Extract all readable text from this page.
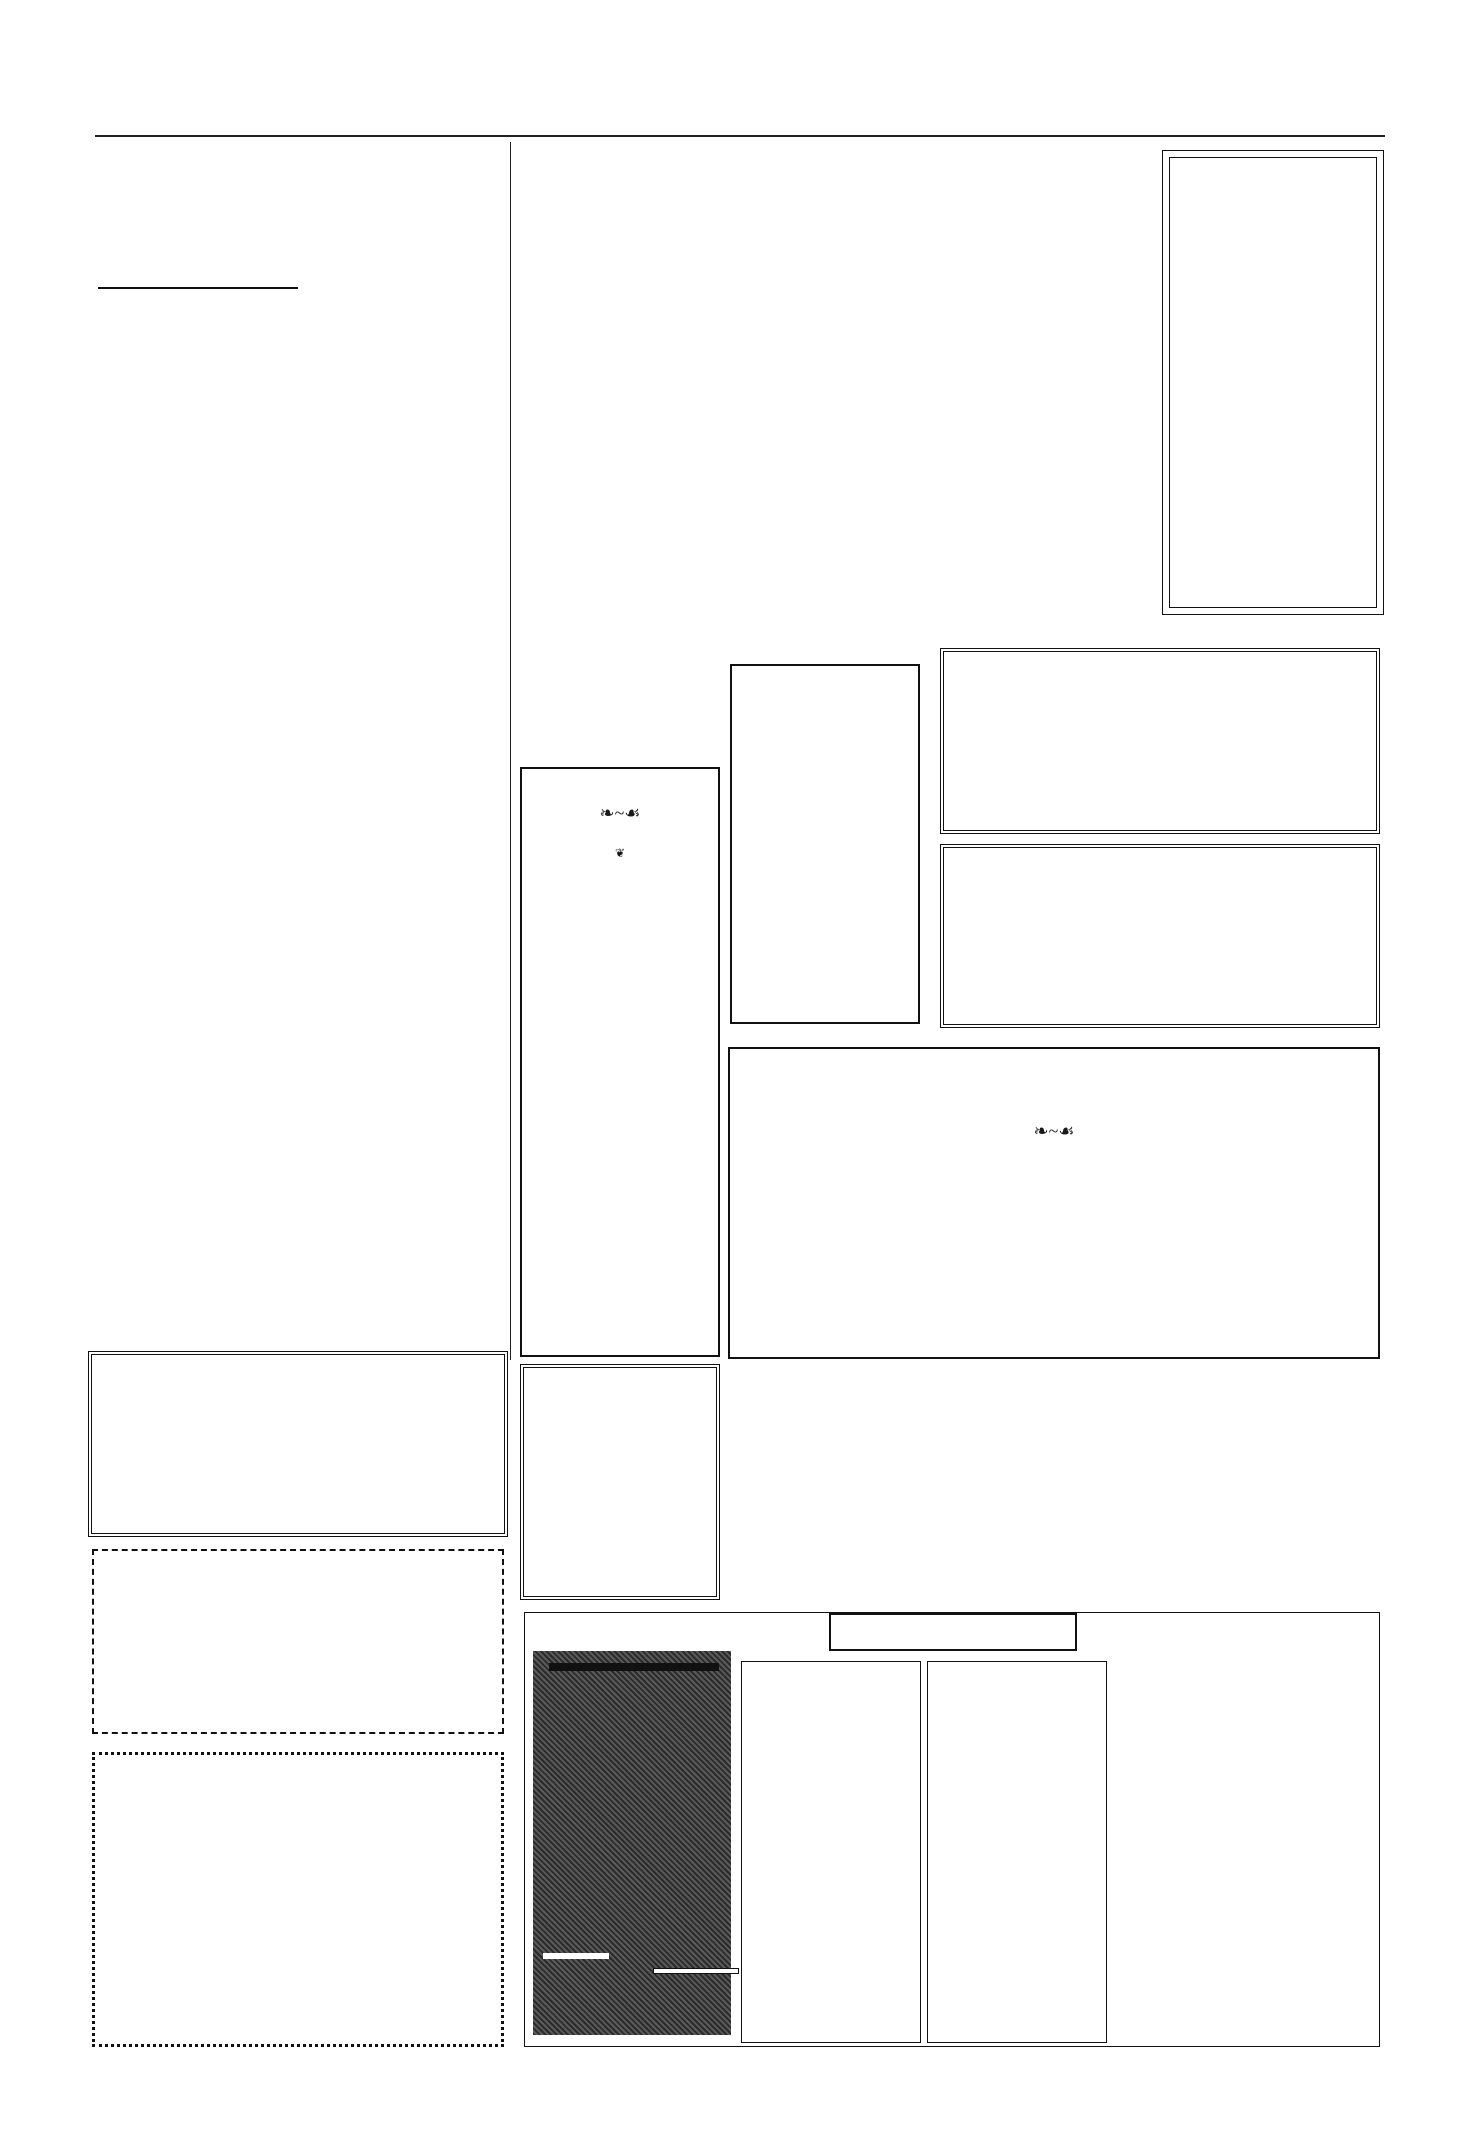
❧~☙
❦
❧~☙
